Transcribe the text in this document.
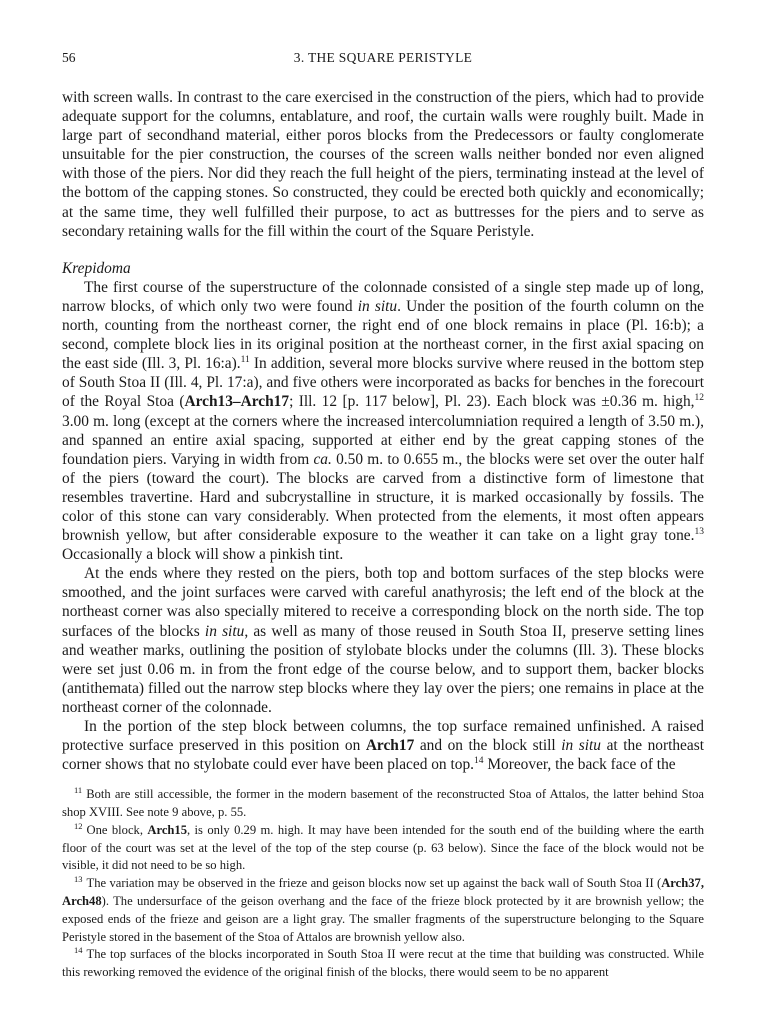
56	3. THE SQUARE PERISTYLE

with screen walls. In contrast to the care exercised in the construction of the piers, which had to provide adequate support for the columns, entablature, and roof, the curtain walls were roughly built. Made in large part of secondhand material, either poros blocks from the Predecessors or faulty conglomerate unsuitable for the pier construction, the courses of the screen walls neither bonded nor even aligned with those of the piers. Nor did they reach the full height of the piers, terminating instead at the level of the bottom of the capping stones. So constructed, they could be erected both quickly and economically; at the same time, they well fulfilled their purpose, to act as buttresses for the piers and to serve as secondary retaining walls for the fill within the court of the Square Peristyle.

Krepidoma

The first course of the superstructure of the colonnade consisted of a single step made up of long, narrow blocks, of which only two were found in situ. Under the position of the fourth column on the north, counting from the northeast corner, the right end of one block remains in place (Pl. 16:b); a second, complete block lies in its original position at the northeast corner, in the first axial spacing on the east side (Ill. 3, Pl. 16:a).$^{11}$ In addition, several more blocks survive where reused in the bottom step of South Stoa II (Ill. 4, Pl. 17:a), and five others were incorporated as backs for benches in the forecourt of the Royal Stoa (Arch13–Arch17; Ill. 12 [p. 117 below], Pl. 23). Each block was ±0.36 m. high,$^{12}$ 3.00 m. long (except at the corners where the increased intercolumniation required a length of 3.50 m.), and spanned an entire axial spacing, supported at either end by the great capping stones of the foundation piers. Varying in width from ca. 0.50 m. to 0.655 m., the blocks were set over the outer half of the piers (toward the court). The blocks are carved from a distinctive form of limestone that resembles travertine. Hard and subcrystalline in structure, it is marked occasionally by fossils. The color of this stone can vary considerably. When protected from the elements, it most often appears brownish yellow, but after considerable exposure to the weather it can take on a light gray tone.$^{13}$ Occasionally a block will show a pinkish tint.

At the ends where they rested on the piers, both top and bottom surfaces of the step blocks were smoothed, and the joint surfaces were carved with careful anathyrosis; the left end of the block at the northeast corner was also specially mitered to receive a corresponding block on the north side. The top surfaces of the blocks in situ, as well as many of those reused in South Stoa II, preserve setting lines and weather marks, outlining the position of stylobate blocks under the columns (Ill. 3). These blocks were set just 0.06 m. in from the front edge of the course below, and to support them, backer blocks (antithemata) filled out the narrow step blocks where they lay over the piers; one remains in place at the northeast corner of the colonnade.

In the portion of the step block between columns, the top surface remained unfinished. A raised protective surface preserved in this position on Arch17 and on the block still in situ at the northeast corner shows that no stylobate could ever have been placed on top.$^{14}$ Moreover, the back face of the

$^{11}$ Both are still accessible, the former in the modern basement of the reconstructed Stoa of Attalos, the latter behind Stoa shop XVIII. See note 9 above, p. 55.

$^{12}$ One block, Arch15, is only 0.29 m. high. It may have been intended for the south end of the building where the earth floor of the court was set at the level of the top of the step course (p. 63 below). Since the face of the block would not be visible, it did not need to be so high.

$^{13}$ The variation may be observed in the frieze and geison blocks now set up against the back wall of South Stoa II (Arch37, Arch48). The undersurface of the geison overhang and the face of the frieze block protected by it are brownish yellow; the exposed ends of the frieze and geison are a light gray. The smaller fragments of the superstructure belonging to the Square Peristyle stored in the basement of the Stoa of Attalos are brownish yellow also.

$^{14}$ The top surfaces of the blocks incorporated in South Stoa II were recut at the time that building was constructed. While this reworking removed the evidence of the original finish of the blocks, there would seem to be no apparent
